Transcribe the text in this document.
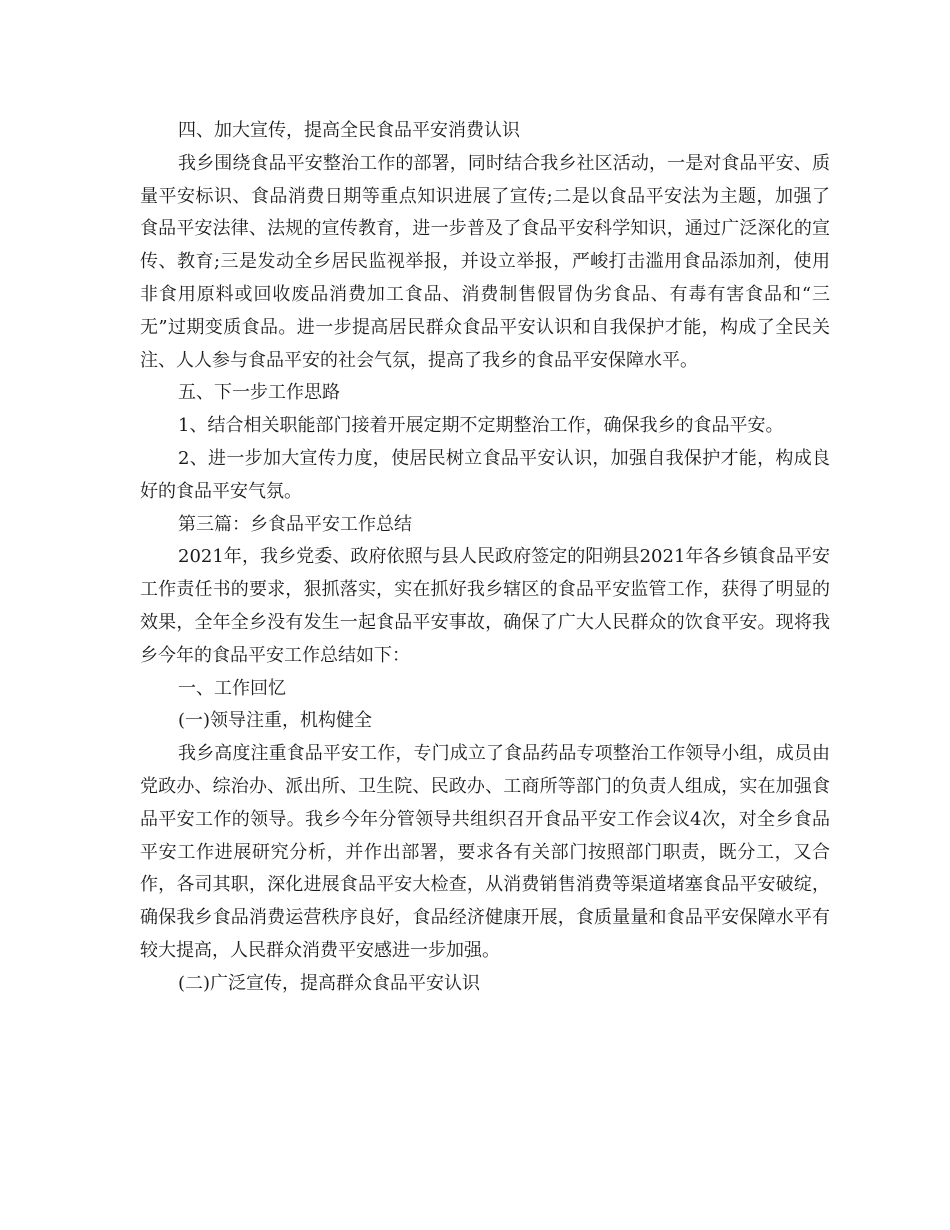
四、加大宣传，提高全民食品平安消费认识

我乡围绕食品平安整治工作的部署，同时结合我乡社区活动，一是对食品平安、质量平安标识、食品消费日期等重点知识进展了宣传;二是以食品平安法为主题，加强了食品平安法律、法规的宣传教育，进一步普及了食品平安科学知识，通过广泛深化的宣传、教育;三是发动全乡居民监视举报，并设立举报，严峻打击滥用食品添加剂，使用非食用原料或回收废品消费加工食品、消费制售假冒伪劣食品、有毒有害食品和“三无”过期变质食品。进一步提高居民群众食品平安认识和自我保护才能，构成了全民关注、人人参与食品平安的社会气氛，提高了我乡的食品平安保障水平。

五、下一步工作思路

1、结合相关职能部门接着开展定期不定期整治工作，确保我乡的食品平安。

2、进一步加大宣传力度，使居民树立食品平安认识，加强自我保护才能，构成良好的食品平安气氛。

第三篇：乡食品平安工作总结

2021年，我乡党委、政府依照与县人民政府签定的阳朔县2021年各乡镇食品平安工作责任书的要求，狠抓落实，实在抓好我乡辖区的食品平安监管工作，获得了明显的效果，全年全乡没有发生一起食品平安事故，确保了广大人民群众的饮食平安。现将我乡今年的食品平安工作总结如下：

一、工作回忆

(一)领导注重，机构健全

我乡高度注重食品平安工作，专门成立了食品药品专项整治工作领导小组，成员由党政办、综治办、派出所、卫生院、民政办、工商所等部门的负责人组成，实在加强食品平安工作的领导。我乡今年分管领导共组织召开食品平安工作会议4次，对全乡食品平安工作进展研究分析，并作出部署，要求各有关部门按照部门职责，既分工，又合作，各司其职，深化进展食品平安大检查，从消费销售消费等渠道堵塞食品平安破绽，确保我乡食品消费运营秩序良好，食品经济健康开展，食质量量和食品平安保障水平有较大提高，人民群众消费平安感进一步加强。

(二)广泛宣传，提高群众食品平安认识
